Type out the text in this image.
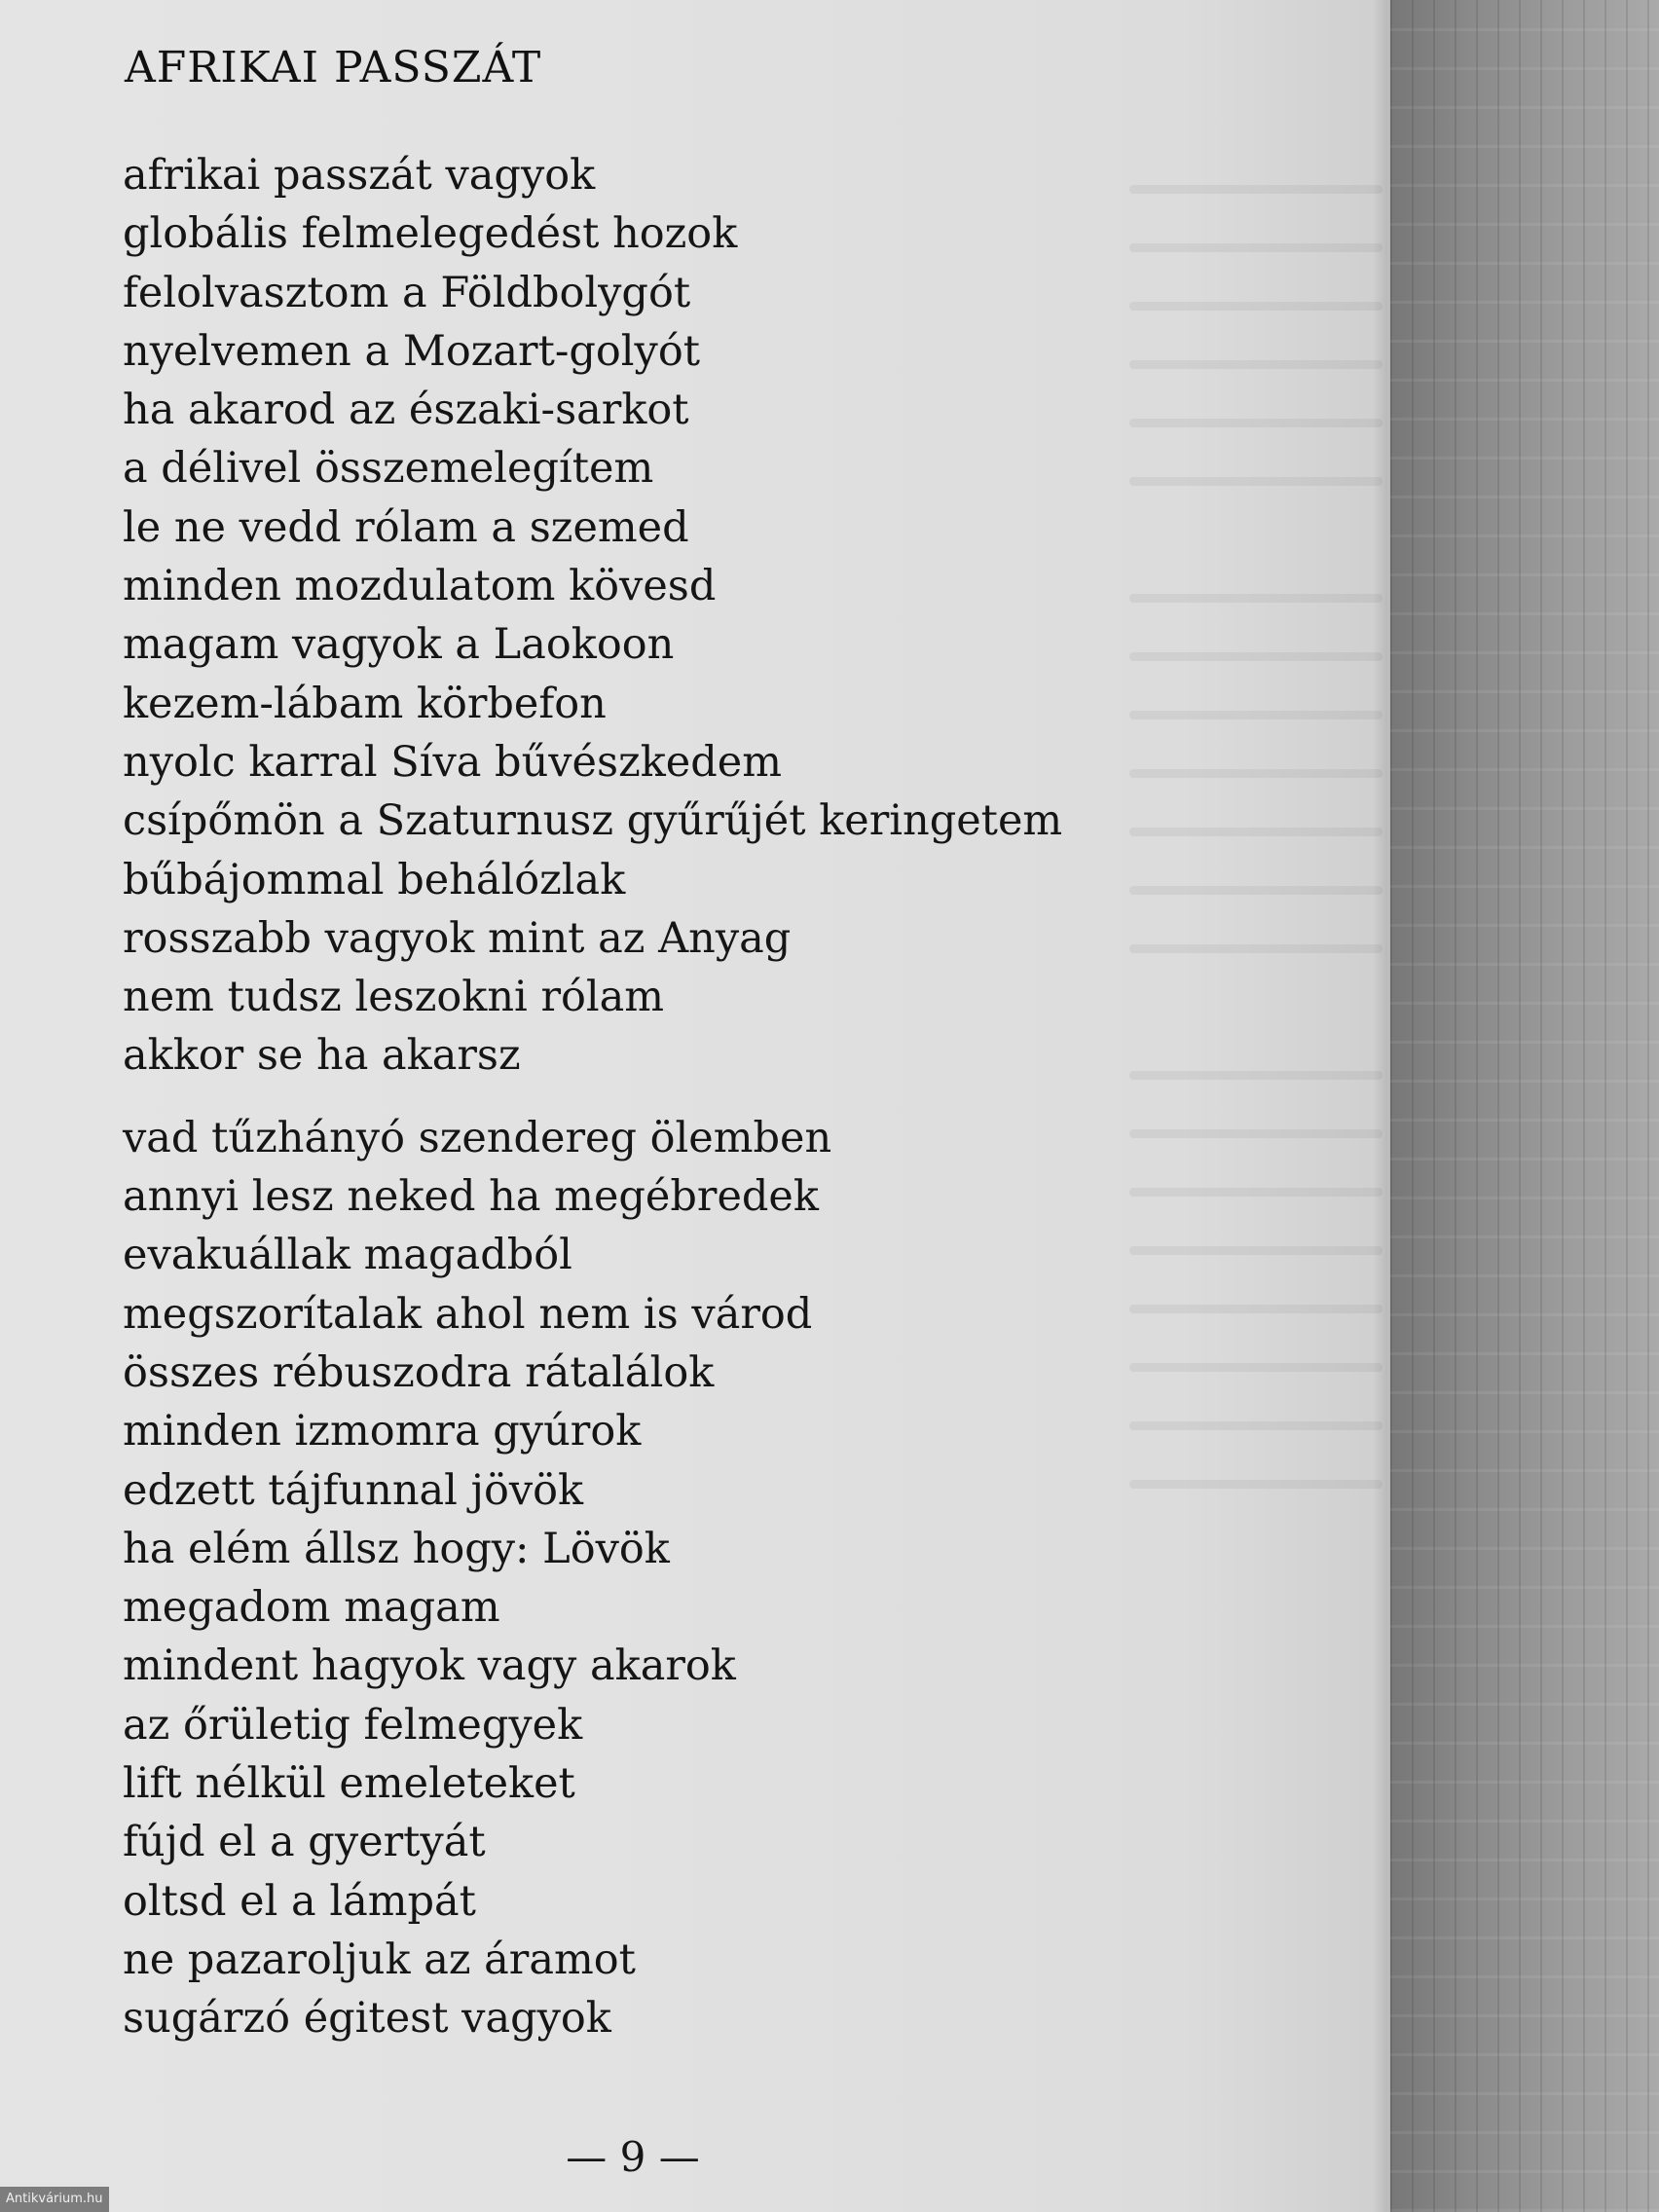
AFRIKAI PASSZÁT
afrikai passzát vagyok
globális felmelegedést hozok
felolvasztom a Földbolygót
nyelvemen a Mozart-golyót
ha akarod az északi-sarkot
a délivel összemelegítem
le ne vedd rólam a szemed
minden mozdulatom kövesd
magam vagyok a Laokoon
kezem-lábam körbefon
nyolc karral Síva bűvészkedem
csípőmön a Szaturnusz gyűrűjét keringetem
bűbájommal behálózlak
rosszabb vagyok mint az Anyag
nem tudsz leszokni rólam
akkor se ha akarsz
vad tűzhányó szendereg ölemben
annyi lesz neked ha megébredek
evakuállak magadból
megszorítalak ahol nem is várod
összes rébuszodra rátalálok
minden izmomra gyúrok
edzett tájfunnal jövök
ha elém állsz hogy: Lövök
megadom magam
mindent hagyok vagy akarok
az őrületig felmegyek
lift nélkül emeleteket
fújd el a gyertyát
oltsd el a lámpát
ne pazaroljuk az áramot
sugárzó égitest vagyok
— 9 —
Antikvárium.hu
